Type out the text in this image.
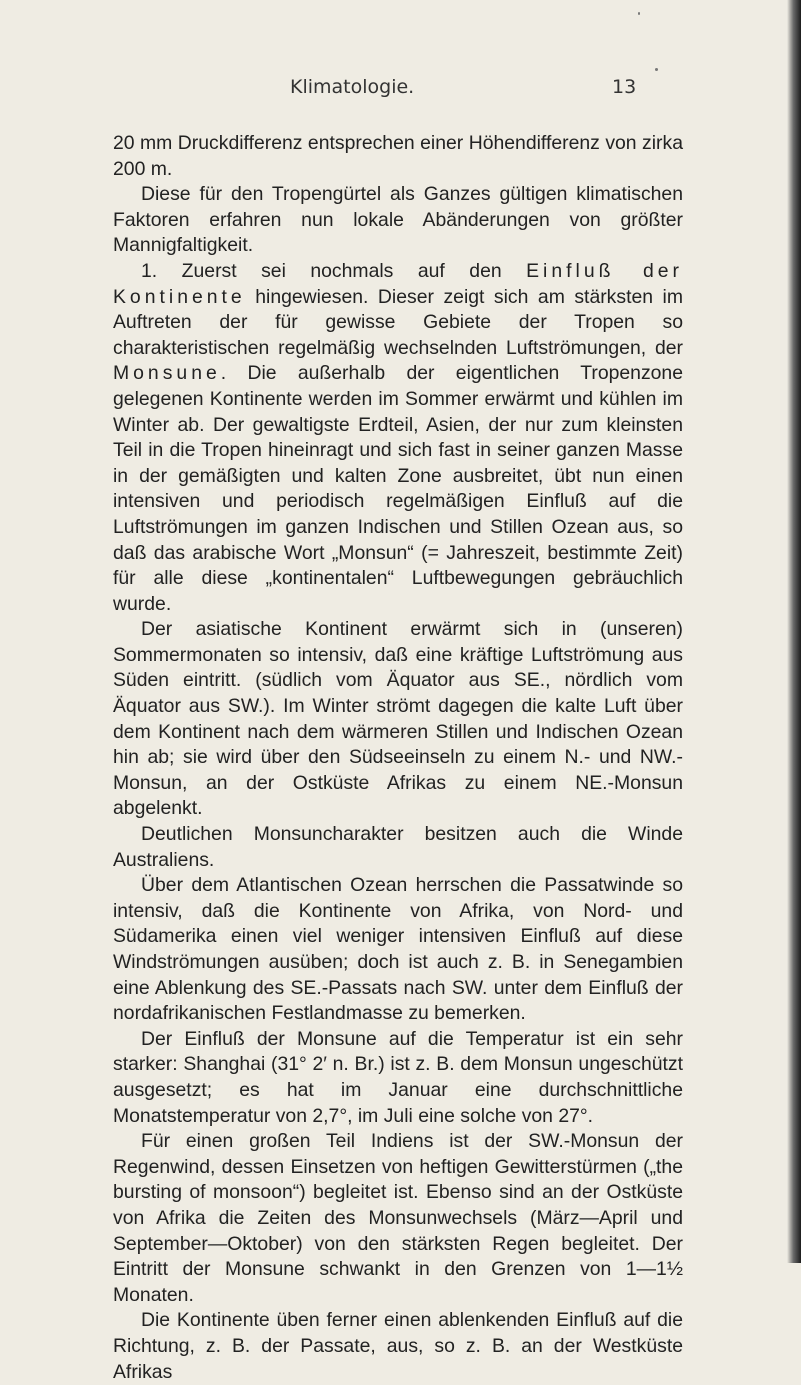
Klimatologie.	13

20 mm Druckdifferenz entsprechen einer Höhendifferenz von zirka 200 m.

Diese für den Tropengürtel als Ganzes gültigen klimatischen Faktoren erfahren nun lokale Abänderungen von größter Mannigfaltigkeit.

1. Zuerst sei nochmals auf den Einfluß der Kontinente hingewiesen. Dieser zeigt sich am stärksten im Auftreten der für gewisse Gebiete der Tropen so charakteristischen regelmäßig wechselnden Luftströmungen, der Monsune. Die außerhalb der eigentlichen Tropenzone gelegenen Kontinente werden im Sommer erwärmt und kühlen im Winter ab. Der gewaltigste Erdteil, Asien, der nur zum kleinsten Teil in die Tropen hineinragt und sich fast in seiner ganzen Masse in der gemäßigten und kalten Zone ausbreitet, übt nun einen intensiven und periodisch regelmäßigen Einfluß auf die Luftströmungen im ganzen Indischen und Stillen Ozean aus, so daß das arabische Wort „Monsun“ (= Jahreszeit, bestimmte Zeit) für alle diese „kontinentalen“ Luftbewegungen gebräuchlich wurde.

Der asiatische Kontinent erwärmt sich in (unseren) Sommermonaten so intensiv, daß eine kräftige Luftströmung aus Süden eintritt. (südlich vom Äquator aus SE., nördlich vom Äquator aus SW.). Im Winter strömt dagegen die kalte Luft über dem Kontinent nach dem wärmeren Stillen und Indischen Ozean hin ab; sie wird über den Südseeinseln zu einem N.- und NW.-Monsun, an der Ostküste Afrikas zu einem NE.-Monsun abgelenkt.

Deutlichen Monsuncharakter besitzen auch die Winde Australiens.

Über dem Atlantischen Ozean herrschen die Passatwinde so intensiv, daß die Kontinente von Afrika, von Nord- und Südamerika einen viel weniger intensiven Einfluß auf diese Windströmungen ausüben; doch ist auch z. B. in Senegambien eine Ablenkung des SE.-Passats nach SW. unter dem Einfluß der nordafrikanischen Festlandmasse zu bemerken.

Der Einfluß der Monsune auf die Temperatur ist ein sehr starker: Shanghai (31° 2′ n. Br.) ist z. B. dem Monsun ungeschützt ausgesetzt; es hat im Januar eine durchschnittliche Monatstemperatur von 2,7°, im Juli eine solche von 27°.

Für einen großen Teil Indiens ist der SW.-Monsun der Regenwind, dessen Einsetzen von heftigen Gewitterstürmen („the bursting of monsoon“) begleitet ist. Ebenso sind an der Ostküste von Afrika die Zeiten des Monsunwechsels (März—April und September—Oktober) von den stärksten Regen begleitet. Der Eintritt der Monsune schwankt in den Grenzen von 1—1½ Monaten.

Die Kontinente üben ferner einen ablenkenden Einfluß auf die Richtung, z. B. der Passate, aus, so z. B. an der Westküste Afrikas
